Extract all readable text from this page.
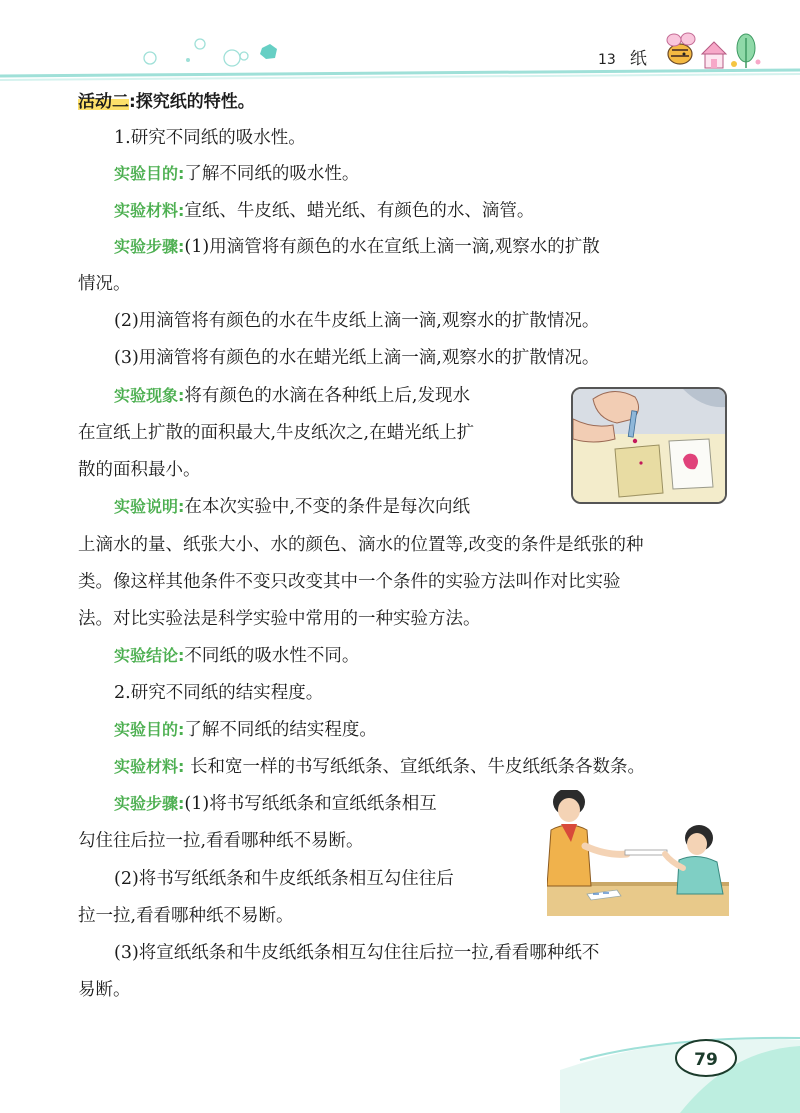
13 纸
活动二:探究纸的特性。
1.研究不同纸的吸水性。
实验目的:了解不同纸的吸水性。
实验材料:宣纸、牛皮纸、蜡光纸、有颜色的水、滴管。
实验步骤:(1)用滴管将有颜色的水在宣纸上滴一滴,观察水的扩散
情况。
(2)用滴管将有颜色的水在牛皮纸上滴一滴,观察水的扩散情况。
(3)用滴管将有颜色的水在蜡光纸上滴一滴,观察水的扩散情况。
实验现象:将有颜色的水滴在各种纸上后,发现水
在宣纸上扩散的面积最大,牛皮纸次之,在蜡光纸上扩
散的面积最小。
实验说明:在本次实验中,不变的条件是每次向纸
上滴水的量、纸张大小、水的颜色、滴水的位置等,改变的条件是纸张的种
类。像这样其他条件不变只改变其中一个条件的实验方法叫作对比实验
法。对比实验法是科学实验中常用的一种实验方法。
实验结论:不同纸的吸水性不同。
2.研究不同纸的结实程度。
实验目的:了解不同纸的结实程度。
实验材料: 长和宽一样的书写纸纸条、宣纸纸条、牛皮纸纸条各数条。
实验步骤:(1)将书写纸纸条和宣纸纸条相互
勾住往后拉一拉,看看哪种纸不易断。
(2)将书写纸纸条和牛皮纸纸条相互勾住往后
拉一拉,看看哪种纸不易断。
(3)将宣纸纸条和牛皮纸纸条相互勾住往后拉一拉,看看哪种纸不
易断。
79
